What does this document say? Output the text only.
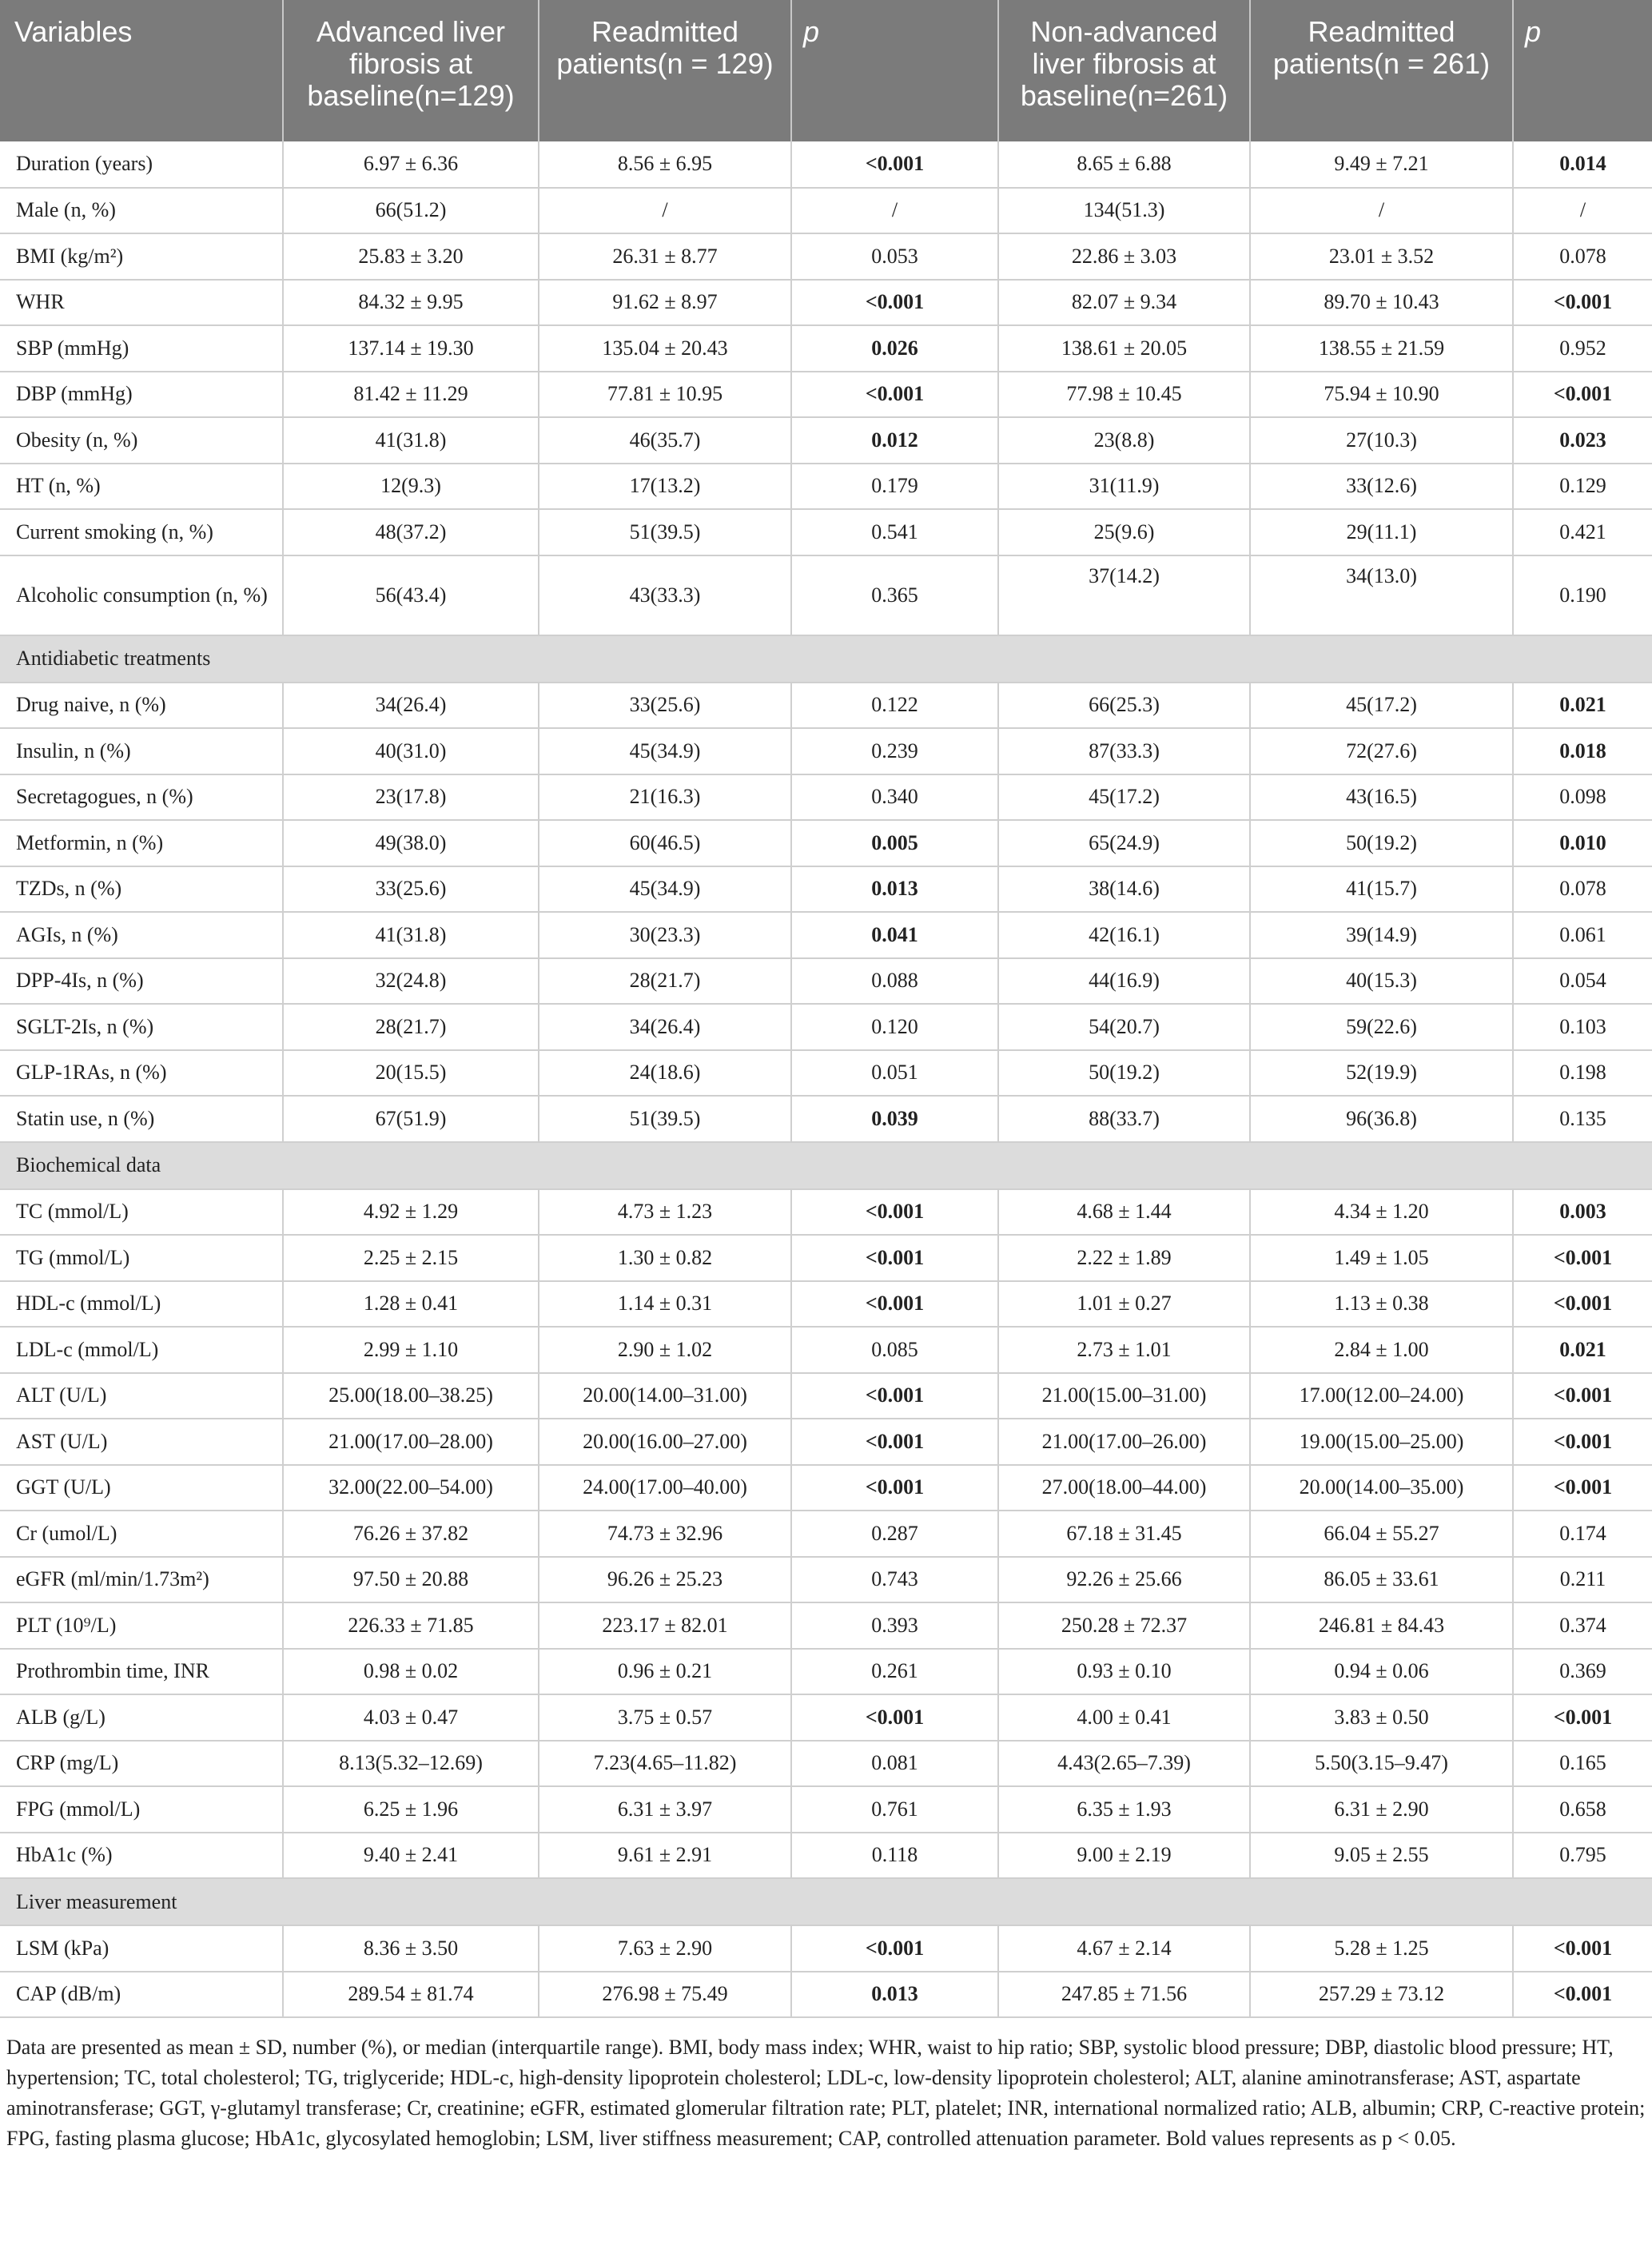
Variables	Advanced liver fibrosis at baseline(n=129)	Readmitted patients(n = 129)	p	Non-advanced liver fibrosis at baseline(n=261)	Readmitted patients(n = 261)	p
Duration (years)	6.97 ± 6.36	8.56 ± 6.95	<0.001	8.65 ± 6.88	9.49 ± 7.21	0.014
Male (n, %)	66(51.2)	/	/	134(51.3)	/	/
BMI (kg/m²)	25.83 ± 3.20	26.31 ± 8.77	0.053	22.86 ± 3.03	23.01 ± 3.52	0.078
WHR	84.32 ± 9.95	91.62 ± 8.97	<0.001	82.07 ± 9.34	89.70 ± 10.43	<0.001
SBP (mmHg)	137.14 ± 19.30	135.04 ± 20.43	0.026	138.61 ± 20.05	138.55 ± 21.59	0.952
DBP (mmHg)	81.42 ± 11.29	77.81 ± 10.95	<0.001	77.98 ± 10.45	75.94 ± 10.90	<0.001
Obesity (n, %)	41(31.8)	46(35.7)	0.012	23(8.8)	27(10.3)	0.023
HT (n, %)	12(9.3)	17(13.2)	0.179	31(11.9)	33(12.6)	0.129
Current smoking (n, %)	48(37.2)	51(39.5)	0.541	25(9.6)	29(11.1)	0.421
Alcoholic consumption (n, %)	56(43.4)	43(33.3)	0.365	37(14.2)	34(13.0)	0.190
Antidiabetic treatments						
Drug naive, n (%)	34(26.4)	33(25.6)	0.122	66(25.3)	45(17.2)	0.021
Insulin, n (%)	40(31.0)	45(34.9)	0.239	87(33.3)	72(27.6)	0.018
Secretagogues, n (%)	23(17.8)	21(16.3)	0.340	45(17.2)	43(16.5)	0.098
Metformin, n (%)	49(38.0)	60(46.5)	0.005	65(24.9)	50(19.2)	0.010
TZDs, n (%)	33(25.6)	45(34.9)	0.013	38(14.6)	41(15.7)	0.078
AGIs, n (%)	41(31.8)	30(23.3)	0.041	42(16.1)	39(14.9)	0.061
DPP-4Is, n (%)	32(24.8)	28(21.7)	0.088	44(16.9)	40(15.3)	0.054
SGLT-2Is, n (%)	28(21.7)	34(26.4)	0.120	54(20.7)	59(22.6)	0.103
GLP-1RAs, n (%)	20(15.5)	24(18.6)	0.051	50(19.2)	52(19.9)	0.198
Statin use, n (%)	67(51.9)	51(39.5)	0.039	88(33.7)	96(36.8)	0.135
Biochemical data						
TC (mmol/L)	4.92 ± 1.29	4.73 ± 1.23	<0.001	4.68 ± 1.44	4.34 ± 1.20	0.003
TG (mmol/L)	2.25 ± 2.15	1.30 ± 0.82	<0.001	2.22 ± 1.89	1.49 ± 1.05	<0.001
HDL-c (mmol/L)	1.28 ± 0.41	1.14 ± 0.31	<0.001	1.01 ± 0.27	1.13 ± 0.38	<0.001
LDL-c (mmol/L)	2.99 ± 1.10	2.90 ± 1.02	0.085	2.73 ± 1.01	2.84 ± 1.00	0.021
ALT (U/L)	25.00(18.00–38.25)	20.00(14.00–31.00)	<0.001	21.00(15.00–31.00)	17.00(12.00–24.00)	<0.001
AST (U/L)	21.00(17.00–28.00)	20.00(16.00–27.00)	<0.001	21.00(17.00–26.00)	19.00(15.00–25.00)	<0.001
GGT (U/L)	32.00(22.00–54.00)	24.00(17.00–40.00)	<0.001	27.00(18.00–44.00)	20.00(14.00–35.00)	<0.001
Cr (umol/L)	76.26 ± 37.82	74.73 ± 32.96	0.287	67.18 ± 31.45	66.04 ± 55.27	0.174
eGFR (ml/min/1.73m²)	97.50 ± 20.88	96.26 ± 25.23	0.743	92.26 ± 25.66	86.05 ± 33.61	0.211
PLT (10⁹/L)	226.33 ± 71.85	223.17 ± 82.01	0.393	250.28 ± 72.37	246.81 ± 84.43	0.374
Prothrombin time, INR	0.98 ± 0.02	0.96 ± 0.21	0.261	0.93 ± 0.10	0.94 ± 0.06	0.369
ALB (g/L)	4.03 ± 0.47	3.75 ± 0.57	<0.001	4.00 ± 0.41	3.83 ± 0.50	<0.001
CRP (mg/L)	8.13(5.32–12.69)	7.23(4.65–11.82)	0.081	4.43(2.65–7.39)	5.50(3.15–9.47)	0.165
FPG (mmol/L)	6.25 ± 1.96	6.31 ± 3.97	0.761	6.35 ± 1.93	6.31 ± 2.90	0.658
HbA1c (%)	9.40 ± 2.41	9.61 ± 2.91	0.118	9.00 ± 2.19	9.05 ± 2.55	0.795
Liver measurement						
LSM (kPa)	8.36 ± 3.50	7.63 ± 2.90	<0.001	4.67 ± 2.14	5.28 ± 1.25	<0.001
CAP (dB/m)	289.54 ± 81.74	276.98 ± 75.49	0.013	247.85 ± 71.56	257.29 ± 73.12	<0.001
Data are presented as mean ± SD, number (%), or median (interquartile range). BMI, body mass index; WHR, waist to hip ratio; SBP, systolic blood pressure; DBP, diastolic blood pressure; HT, hypertension; TC, total cholesterol; TG, triglyceride; HDL-c, high-density lipoprotein cholesterol; LDL-c, low-density lipoprotein cholesterol; ALT, alanine aminotransferase; AST, aspartate aminotransferase; GGT, γ-glutamyl transferase; Cr, creatinine; eGFR, estimated glomerular filtration rate; PLT, platelet; INR, international normalized ratio; ALB, albumin; CRP, C-reactive protein; FPG, fasting plasma glucose; HbA1c, glycosylated hemoglobin; LSM, liver stiffness measurement; CAP, controlled attenuation parameter. Bold values represents as p < 0.05.
